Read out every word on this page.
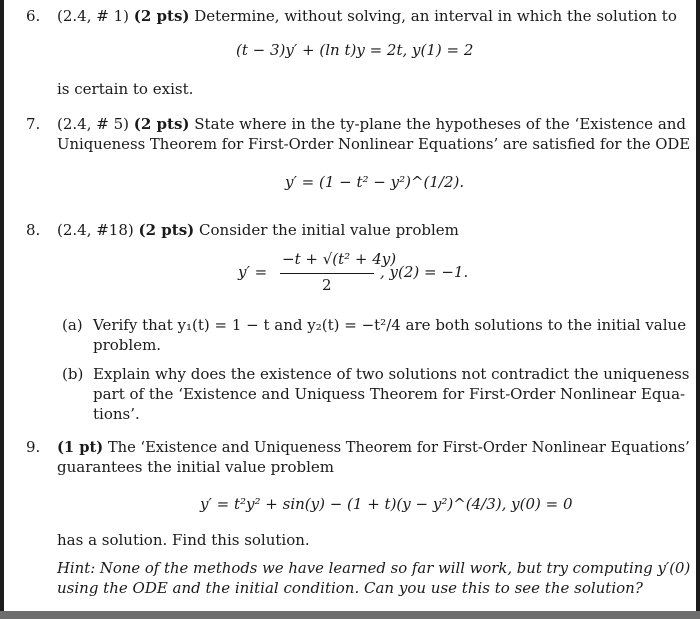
6. (2.4, # 1) (2 pts) Determine, without solving, an interval in which the solution to
(t − 3)y′ + (ln t)y = 2t, y(1) = 2
is certain to exist.
7. (2.4, # 5) (2 pts) State where in the ty-plane the hypotheses of the ‘Existence and
Uniqueness Theorem for First-Order Nonlinear Equations’ are satisfied for the ODE
y′ = (1 − t² − y²)^(1/2).
8. (2.4, #18) (2 pts) Consider the initial value problem
y′ =
−t + √(t² + 4y)
2
, y(2) = −1.
(a) Verify that y₁(t) = 1 − t and y₂(t) = −t²/4 are both solutions to the initial value
problem.
(b) Explain why does the existence of two solutions not contradict the uniqueness
part of the ‘Existence and Uniquess Theorem for First-Order Nonlinear Equa-
tions’.
9. (1 pt) The ‘Existence and Uniqueness Theorem for First-Order Nonlinear Equations’
guarantees the initial value problem
y′ = t²y² + sin(y) − (1 + t)(y − y²)^(4/3), y(0) = 0
has a solution. Find this solution.
Hint: None of the methods we have learned so far will work, but try computing y′(0)
using the ODE and the initial condition. Can you use this to see the solution?
